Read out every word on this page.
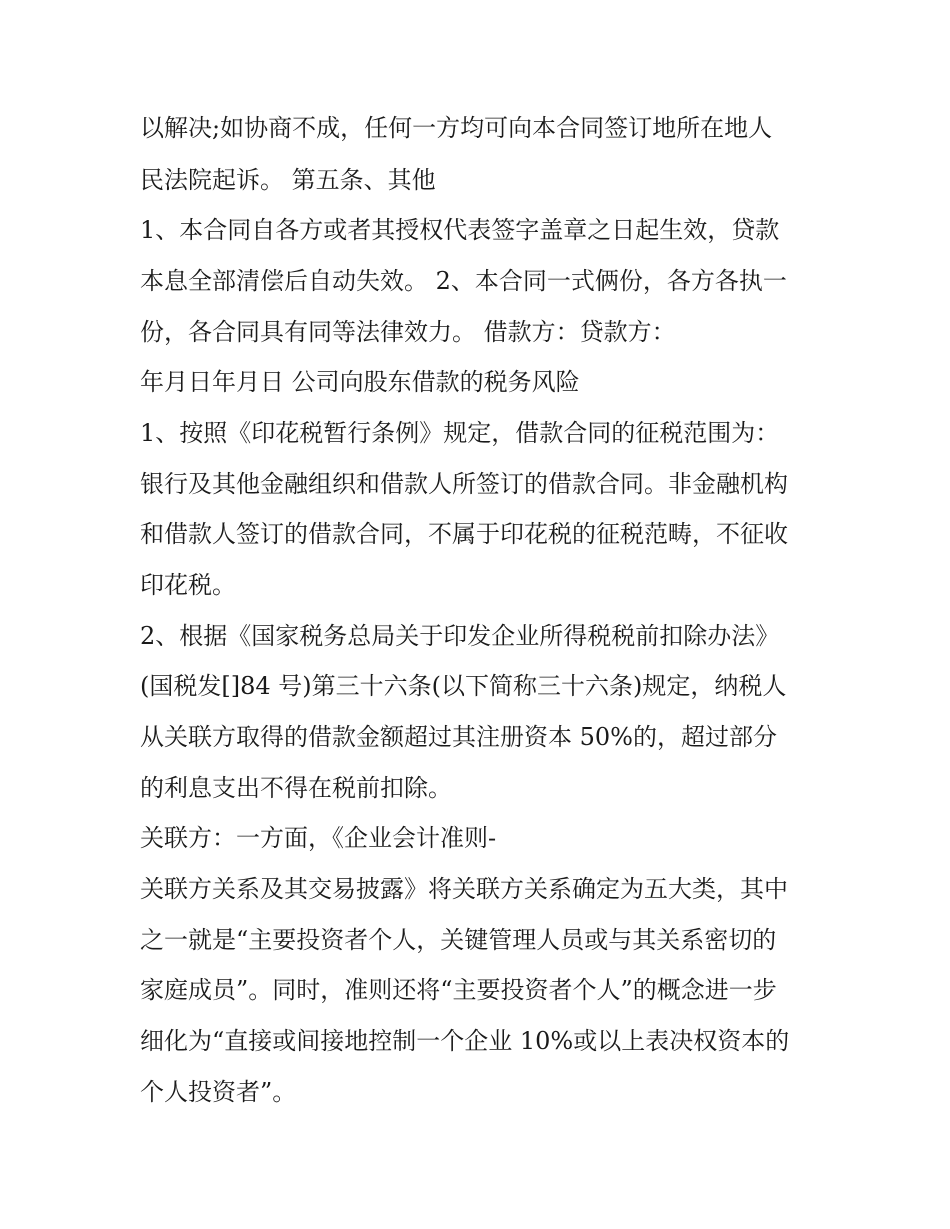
以解决;如协商不成，任何一方均可向本合同签订地所在地人
民法院起诉。 第五条、其他
1、本合同自各方或者其授权代表签字盖章之日起生效，贷款
本息全部清偿后自动失效。 2、本合同一式俩份，各方各执一
份，各合同具有同等法律效力。 借款方：贷款方：
年月日年月日 公司向股东借款的税务风险
1、按照《印花税暂行条例》规定，借款合同的征税范围为：
银行及其他金融组织和借款人所签订的借款合同。非金融机构
和借款人签订的借款合同，不属于印花税的征税范畴，不征收
印花税。
2、根据《国家税务总局关于印发企业所得税税前扣除办法》
(国税发[]84 号)第三十六条(以下简称三十六条)规定，纳税人
从关联方取得的借款金额超过其注册资本 50%的，超过部分
的利息支出不得在税前扣除。
关联方：一方面，《企业会计准则-
关联方关系及其交易披露》将关联方关系确定为五大类，其中
之一就是“主要投资者个人，关键管理人员或与其关系密切的
家庭成员”。同时，准则还将“主要投资者个人”的概念进一步
细化为“直接或间接地控制一个企业 10%或以上表决权资本的
个人投资者”。
